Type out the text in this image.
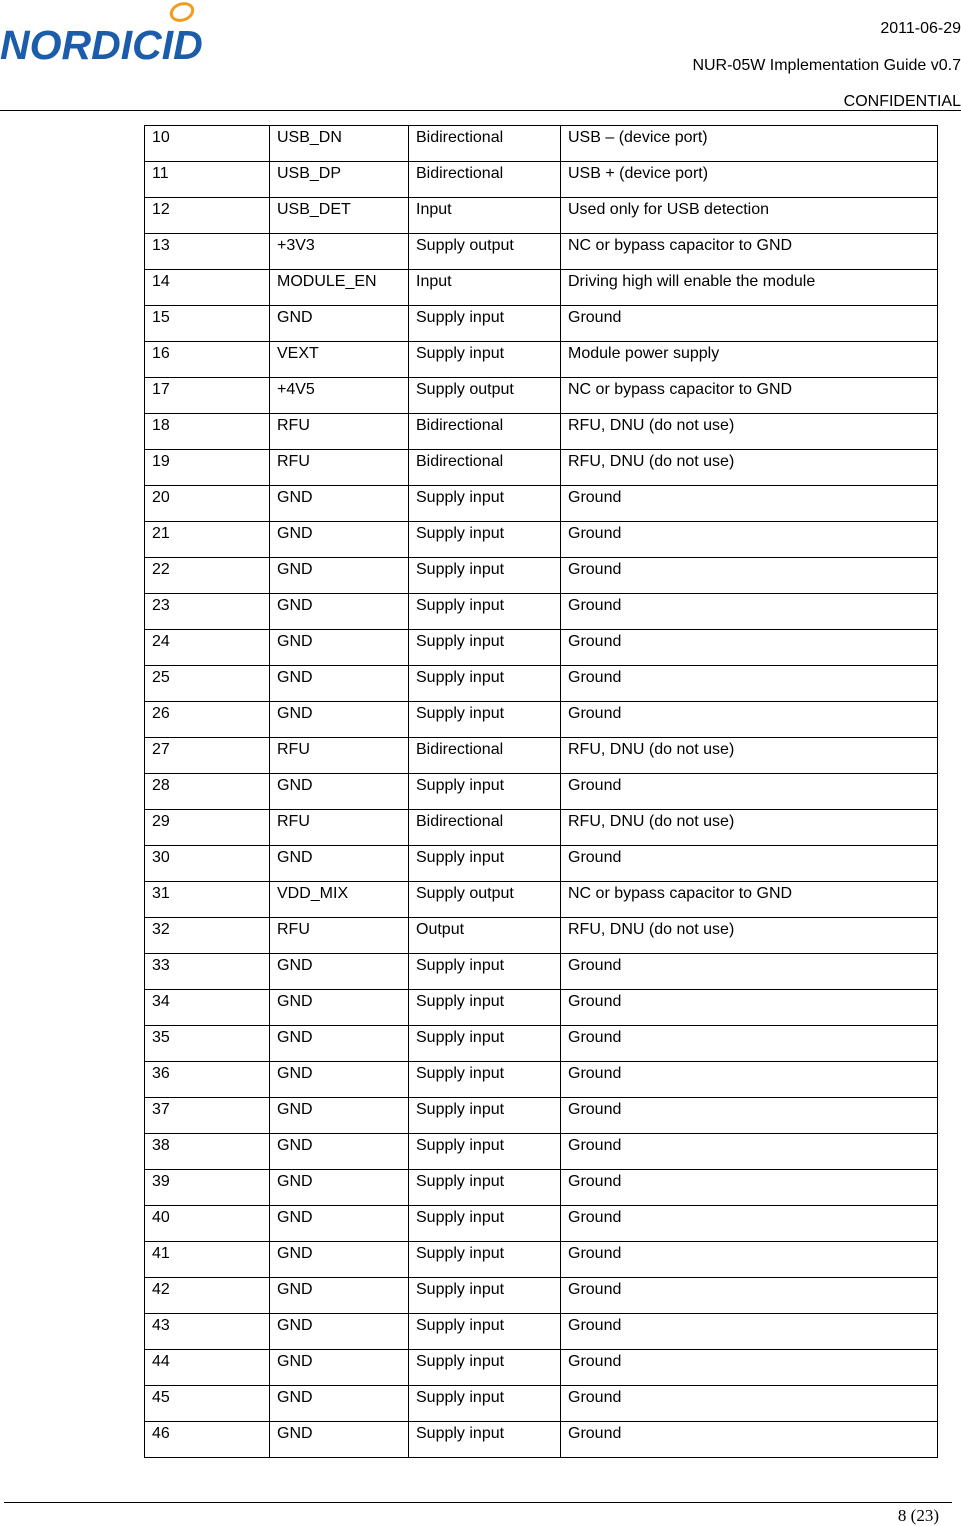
NORDICID	2011-06-29
NUR-05W Implementation Guide v0.7
CONFIDENTIAL
10	USB_DN	Bidirectional	USB – (device port)
11	USB_DP	Bidirectional	USB + (device port)
12	USB_DET	Input	Used only for USB detection
13	+3V3	Supply output	NC or bypass capacitor to GND
14	MODULE_EN	Input	Driving high will enable the module
15	GND	Supply input	Ground
16	VEXT	Supply input	Module power supply
17	+4V5	Supply output	NC or bypass capacitor to GND
18	RFU	Bidirectional	RFU, DNU (do not use)
19	RFU	Bidirectional	RFU, DNU (do not use)
20	GND	Supply input	Ground
21	GND	Supply input	Ground
22	GND	Supply input	Ground
23	GND	Supply input	Ground
24	GND	Supply input	Ground
25	GND	Supply input	Ground
26	GND	Supply input	Ground
27	RFU	Bidirectional	RFU, DNU (do not use)
28	GND	Supply input	Ground
29	RFU	Bidirectional	RFU, DNU (do not use)
30	GND	Supply input	Ground
31	VDD_MIX	Supply output	NC or bypass capacitor to GND
32	RFU	Output	RFU, DNU (do not use)
33	GND	Supply input	Ground
34	GND	Supply input	Ground
35	GND	Supply input	Ground
36	GND	Supply input	Ground
37	GND	Supply input	Ground
38	GND	Supply input	Ground
39	GND	Supply input	Ground
40	GND	Supply input	Ground
41	GND	Supply input	Ground
42	GND	Supply input	Ground
43	GND	Supply input	Ground
44	GND	Supply input	Ground
45	GND	Supply input	Ground
46	GND	Supply input	Ground
8 (23)
